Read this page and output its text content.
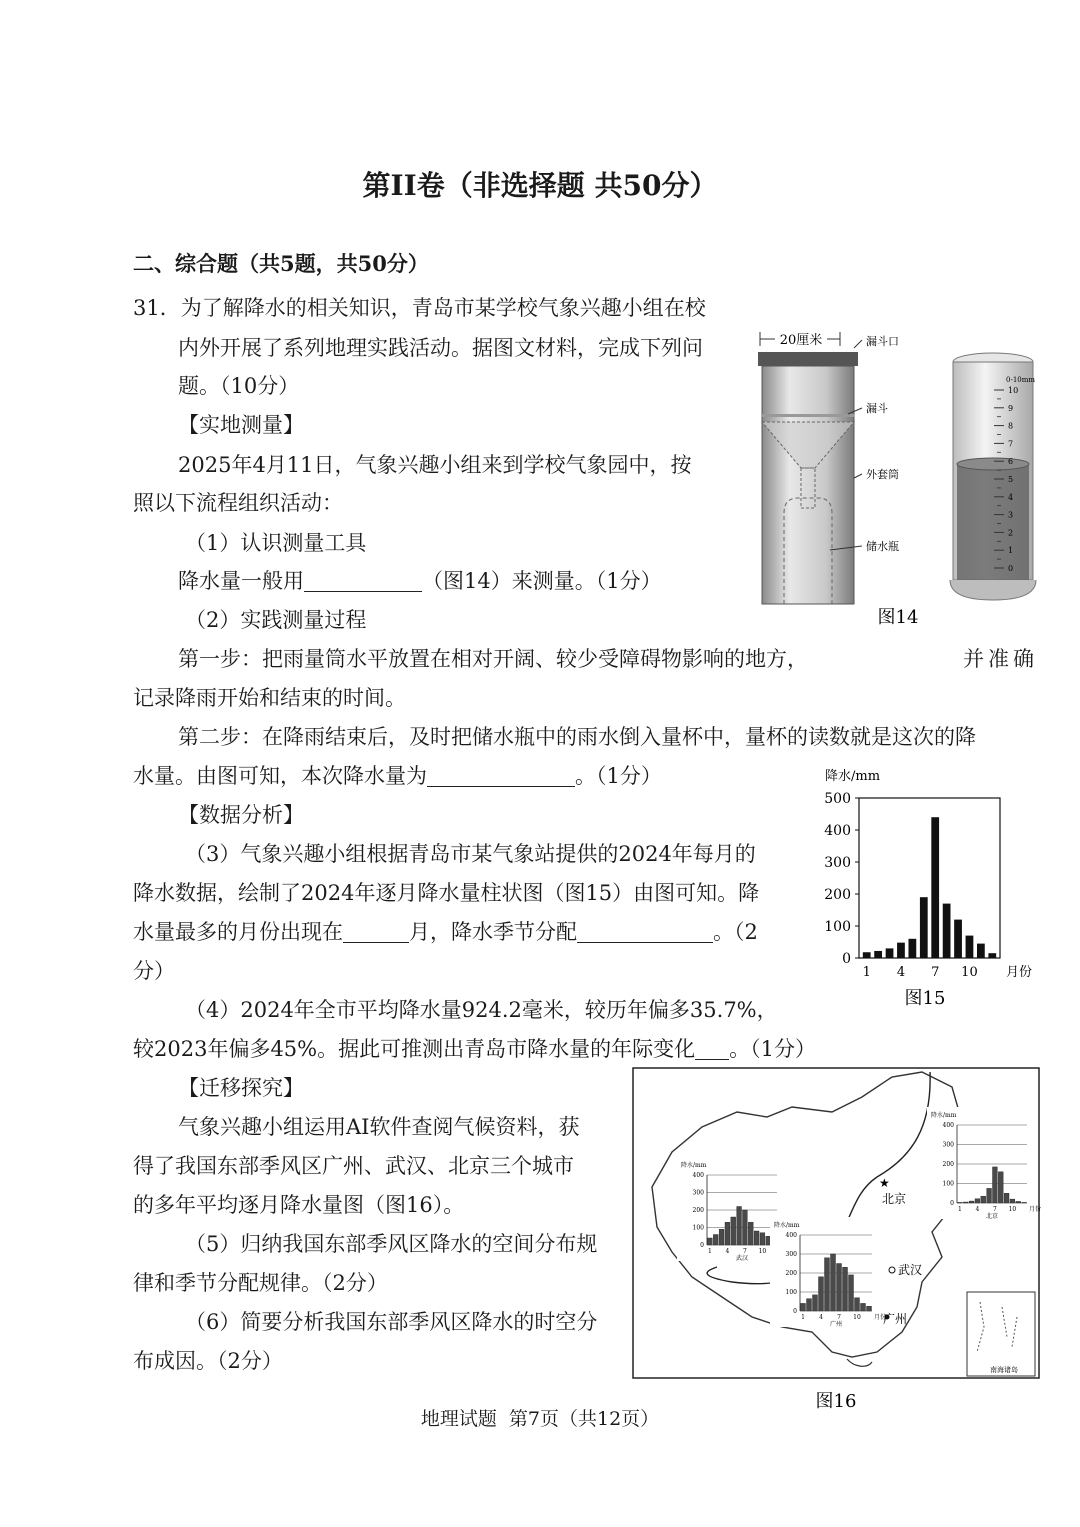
第II卷（非选择题 共50分）
二、综合题（共5题，共50分）
31．为了解降水的相关知识，青岛市某学校气象兴趣小组在校
内外开展了系列地理实践活动。据图文材料，完成下列问
题。（10分）
【实地测量】
2025年4月11日，气象兴趣小组来到学校气象园中，按
照以下流程组织活动：
（1）认识测量工具
降水量一般用	（图14）来测量。（1分）
（2）实践测量过程
第一步：把雨量筒水平放置在相对开阔、较少受障碍物影响的地方，	并准确
记录降雨开始和结束的时间。
第二步：在降雨结束后，及时把储水瓶中的雨水倒入量杯中，量杯的读数就是这次的降
水量。由图可知，本次降水量为	。（1分）
【数据分析】
（3）气象兴趣小组根据青岛市某气象站提供的2024年每月的
降水数据，绘制了2024年逐月降水量柱状图（图15）由图可知。降
水量最多的月份出现在	月，降水季节分配	。（2
分）
（4）2024年全市平均降水量924.2毫米，较历年偏多35.7%，
较2023年偏多45%。据此可推测出青岛市降水量的年际变化 。（1分）
【迁移探究】
气象兴趣小组运用AI软件查阅气候资料，获
得了我国东部季风区广州、武汉、北京三个城市
的多年平均逐月降水量图（图16）。
（5）归纳我国东部季风区降水的空间分布规
律和季节分配规律。（2分）
（6）简要分析我国东部季风区降水的时空分
布成因。（2分）
20厘米	漏斗口
漏斗
外套筒
储水瓶
0-10mm
10
9
8
7
6
5
4
3
2
1
0
图14
降水/mm
0
100
200
300
400
500
1 4 7 10 月份
图15
★
北京
武汉
广州
降水/mm
0
100
200
300
400
1 4 7 10 月份
北京
降水/mm
0
100
200
300
400
1 4 7 10
武汉
降水/mm
0
100
200
300
400
1 4 7 10 月份
广州
南海诸岛
图16
地理试题  第7页（共12页）
